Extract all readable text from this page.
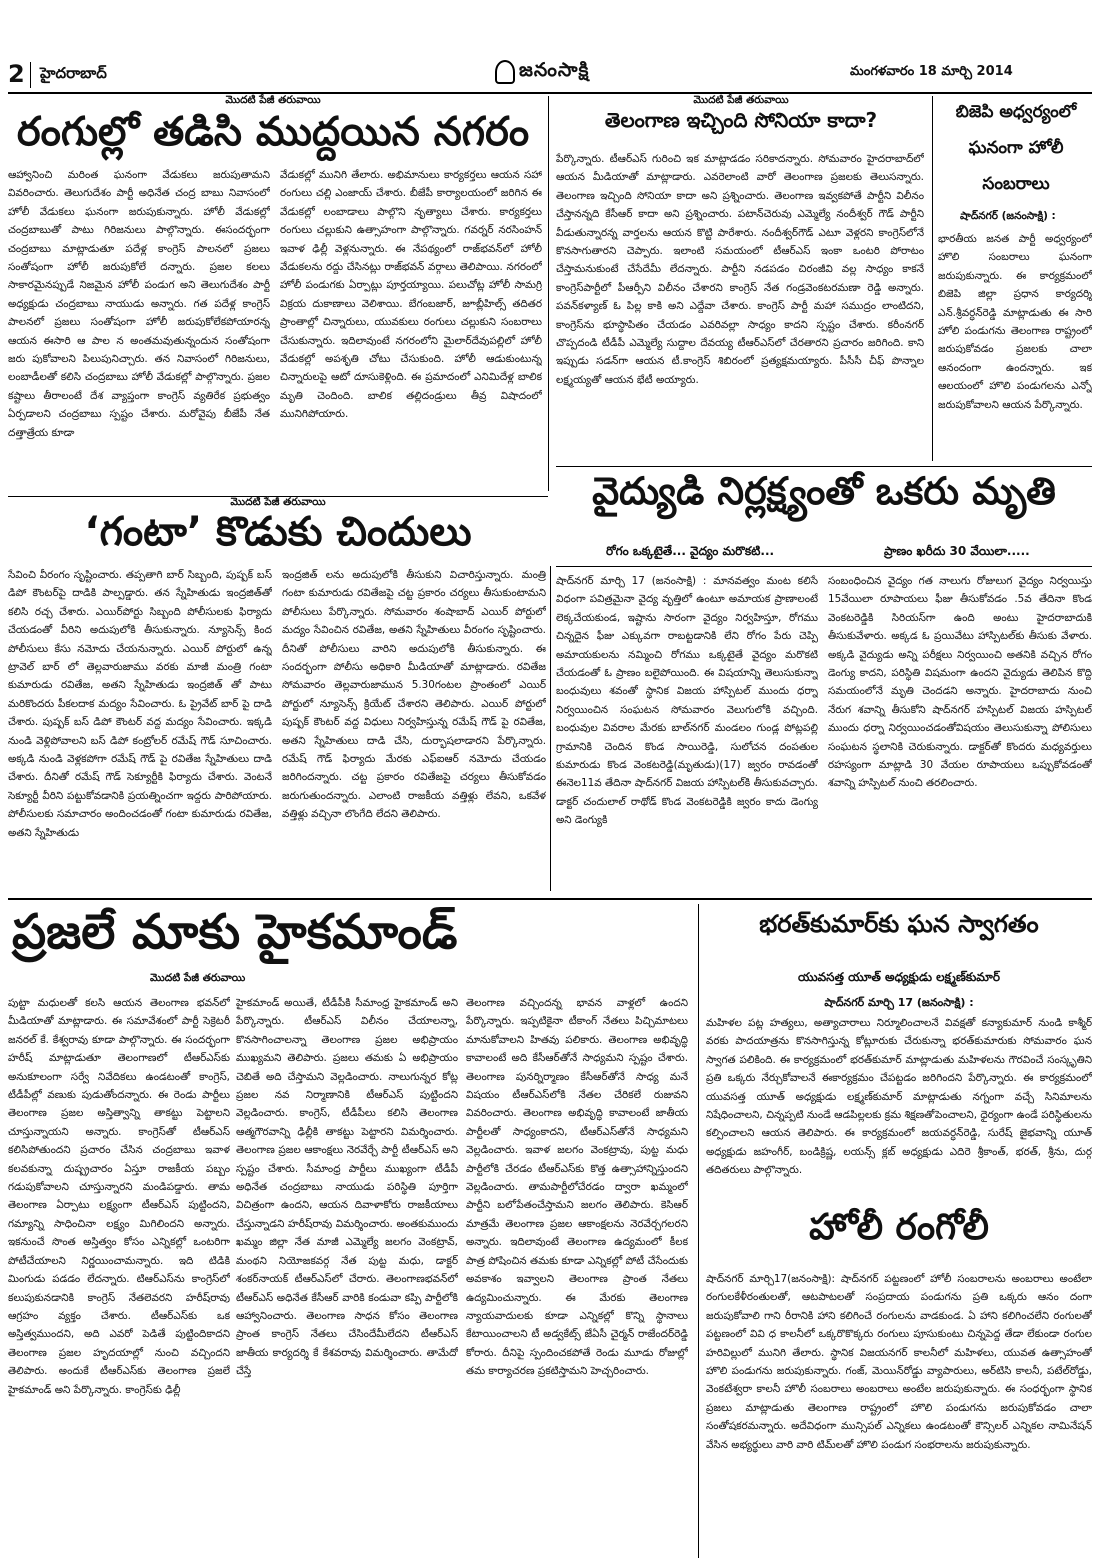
2 హైదరాబాద్	జనంసాక్షి	మంగళవారం 18 మార్చి 2014
మొదటి పేజీ తరువాయి
రంగుల్లో తడిసి ముద్దయిన నగరం
ఆహ్వానించి మరింత ఘనంగా వేడుకలు జరుపుతామని వివరించారు. తెలుగుదేశం పార్టీ అధినేత చంద్ర బాబు నివాసంలో హోలీ వేడుకలు ఘనంగా జరుపుకున్నారు. హోలీ వేడుకల్లో చంద్రబాబుతో పాటు గిరిజనులు పాల్గొన్నారు. ఈసందర్భంగా చంద్రబాబు మాట్లాడుతూ పదేళ్ల కాంగ్రెస్ పాలనలో ప్రజలు సంతోషంగా హోలీ జరుపుకోలే దన్నారు. ప్రజల కలలు సాకారమైనప్పుడే నిజమైన హోలీ పండుగ అని తెలుగుదేశం పార్టీ అధ్యక్షుడు చంద్రబాబు నాయుడు అన్నారు. గత పదేళ్ల కాంగ్రెస్ పాలనలో ప్రజలు సంతోషంగా హోలీ జరుపుకోలేకపోయారన్న ఆయన ఈసారి ఆ పాల న అంతమవుతున్నందున సంతోషంగా జరు పుకోవాలని పిలుపునిచ్చారు. తన నివాసంలో గిరిజనులు, లంబాడీలతో కలిసి చంద్రబాబు హోలీ వేడుకల్లో పాల్గొన్నారు. ప్రజల కష్టాలు తీరాలంటే దేశ వ్యాప్తంగా కాంగ్రెస్ వ్యతిరేక ప్రభుత్వం ఏర్పడాలని చంద్రబాబు స్పష్టం చేశారు. మరోవైపు బీజేపీ నేత దత్తాత్రేయ కూడా
వేడుకల్లో మునిగి తేలారు. అభిమానులు కార్యకర్తలు ఆయన సహా రంగులు చల్లి ఎంజాయ్ చేశారు. బీజేపీ కార్యాలయంలో జరిగిన ఈ వేడుకల్లో లంబాడాలు పాల్గొని నృత్యాలు చేశారు. కార్యకర్తలు రంగులు చల్లుకుని ఉత్సాహంగా పాల్గొన్నారు. గవర్నర్ నరసింహన్ ఇవాళ ఢిల్లీ వెళ్లనున్నారు. ఈ నేపథ్యంలో రాజ్‌భవన్‌లో హోలీ వేడుకలను రద్దు చేసినట్లు రాజ్‌భవన్ వర్గాలు తెలిపాయి. నగరంలో హోలీ పండుగకు ఏర్పాట్లు పూర్తయ్యాయి. పలుచోట్ల హోలీ సామగ్రి విక్రయ దుకాణాలు వెలిశాయి. బేగంబజార్, జూబ్లీహిల్స్ తదితర ప్రాంతాల్లో చిన్నారులు, యువకులు రంగులు చల్లుకుని సంబరాలు చేసుకున్నారు. ఇదిలావుంటే నగరంలోని మైలార్‌దేవుపల్లిలో హోలీ వేడుకల్లో అపశృతి చోటు చేసుకుంది. హోలీ ఆడుకుంటున్న చిన్నారులపై ఆటో దూసుకెళ్లింది. ఈ ప్రమాదంలో ఎనిమిదేళ్ల బాలిక మృతి చెందింది. బాలిక తల్లిదండ్రులు తీవ్ర విషాదంలో మునిగిపోయారు.
మొదటి పేజీ తరువాయి
తెలంగాణ ఇచ్చింది సోనియా కాదా?
పేర్కొన్నారు. టీఆర్ఎస్ గురించి ఇక మాట్లాడడం సరికాదన్నారు. సోమవారం హైదరాబాద్‌లో ఆయన మీడియాతో మాట్లాడారు. ఎవరెలాంటి వారో తెలంగాణ ప్రజలకు తెలుసన్నారు. తెలంగాణ ఇచ్చింది సోనియా కాదా అని ప్రశ్నించారు. తెలంగాణ ఇవ్వకపోతే పార్టీని విలీనం చేస్తానన్నది కేసీఆర్ కాదా అని ప్రశ్నించారు. పటాన్‌చెరువు ఎమ్మెల్యే నందీశ్వర్ గౌడ్ పార్టీని వీడుతున్నారన్న వార్తలను ఆయన కొట్టి పారేశారు. నందీశ్వర్‌గౌడ్ ఎటూ వెళ్లరని కాంగ్రెస్‌లోనే కొనసాగుతారని చెప్పారు. ఇలాంటి సమయంలో టీఆర్ఎస్ ఇంకా ఒంటరి పోరాటం చేస్తామనుకుంటే చేసేదేమీ లేదన్నారు. పార్టీని నడపడం చిరంజీవి వల్ల సాధ్యం కాకనే కాంగ్రెస్‌పార్టీలో పీఆర్పీని విలీనం చేశారని కాంగ్రెస్ నేత గండ్రవెంకటరమణా రెడ్డి అన్నారు. పవన్‌కళ్యాణ్ ఓ పిల్ల కాకి అని ఎద్దేవా చేశారు. కాంగ్రెస్ పార్టీ మహా సముద్రం లాంటిదని, కాంగ్రెస్‌ను భూస్థాపితం చేయడం ఎవరివల్లా సాధ్యం కాదని స్పష్టం చేశారు. కరీంనగర్ చొప్పదండి టీడీపీ ఎమ్మెల్యే సుద్దాల దేవయ్య టీఆర్ఎస్‌లో చేరతారని ప్రచారం జరిగింది. కాని ఇప్పుడు సడన్‌గా ఆయన టీ.కాంగ్రెస్ శిబిరంలో ప్రత్యక్షమయ్యారు. పీసీసీ చీఫ్ పొన్నాల లక్ష్మయ్యతో ఆయన భేటీ అయ్యారు.
బిజెపి అధ్వర్యంలో
ఘనంగా హోలీ
సంబరాలు
షాద్‌నగర్ (జనంసాక్షి) :
భారతీయ జనత పార్టీ అధ్వర్యంలో హొలి సంబరాలు ఘనంగా జరుపుకున్నారు. ఈ కార్యక్రమంలో బిజెపి జిల్లా ప్రధాన కార్యదర్శి ఎన్.శ్రీవర్ధన్‌రెడ్డి మాట్లాడుతు ఈ సారి హోలి పండుగను తెలంగాణ రాష్ట్రంలో జరుపుకోవడం ప్రజలకు చాలా ఆనందంగా ఉందన్నారు. ఇక ఆలయంలో హొలి పండుగలను ఎన్నో జరుపుకోవాలని ఆయన పేర్కొన్నారు.
వైద్యుడి నిర్లక్ష్యంతో ఒకరు మృతి
రోగం ఒక్కటైతే... వైద్యం మరొకటి...	ప్రాణం ఖరీదు 30 వేయిలా.....
షాద్‌నగర్ మార్చి 17 (జనంసాక్షి) : మానవత్వం మంట కలిసే విధంగా పవిత్రమైనా వైద్య వృత్తిలో ఉంటూ అమాయక ప్రాణాలంటే లెక్కచేయకుండ, ఇష్టాను సారంగా వైద్యం నిర్వహిస్తూ, రోగము చిన్నదైన ఫీజు ఎక్కువగా రాబట్టడానికి లేని రోగం పేరు చెప్పి అమాయకులను నమ్మించి రోగము ఒక్కటైతే వైద్యం మరొకటి చేయడంతో ఓ ప్రాణం బలైపోయింది. ఈ విషయాన్ని తెలుసుకున్నా బంధువులు శవంతో స్థానిక విజయ హాస్పిటల్ ముందు ధర్నా నిర్వయించిన సంఘటన సోమవారం వెలుగులోకి వచ్చింది. బంధువుల వివరాల మేరకు బాల్‌నగర్ మండలం గుండ్ల పోట్లపల్లి గ్రామానికి చెందిన కొండ సాయిరెడ్డి, సులోచన దంపతుల కుమారుడు కొండ వెంకటరెడ్డి(మృతుడు)(17) జ్వరం రావడంతో ఈనెల11వ తేదినా షాద్‌నగర్ విజయ హాస్పిటల్‌కి తీసుకువచ్చారు. డాక్టర్ చందులాల్ రాథోడ్ కొండ వెంకటరెడ్డికి జ్వరం కాదు డెంగ్యు అని డెంగ్యుకి
సంబంధించిన వైద్యం గత నాలుగు రోజులుగ వైద్యం నిర్వయిస్తు 15వేయిలా రూపాయలు ఫీజు తీసుకోవడం .5వ తేదినా కొండ వెంకటరెడ్డికి సిరియస్‌గా ఉంది అంటు హైదరాబాదుకి తీసుకువేళారు. అక్కడ ఓ ప్రయివేటు హాస్పిటల్‌కు తీసుకు వేళారు. అక్కడి వైద్యుడు అన్ని పరీక్షలు నిర్వయించి అతనికి వచ్చిన రోగం డెంగ్యు కాదని, పరిస్థితి విషమంగా ఉందని వైద్యుడు తెలిపిన కొద్ది సమయంలోనే మృతి చెందడని అన్నారు. హైదరాబాదు నుంచి నేరుగ శవాన్ని తీసుకోని షాద్‌నగర్ హస్పిటల్ విజయ హస్పిటల్ ముందు ధర్నా నిర్వయించడంతోవిషయం తెలుసుకున్నా పోలిసులు సంఘటన స్థలానికి చెరుకున్నారు. డాక్టర్‌తో కొందరు మధ్యవర్తులు రహస్యంగా మాట్లాడి 30 వేయల రూపాయలు ఒప్పుకోవడంతో శవాన్ని హస్పిటల్ నుంచి తరలించారు.
మొదటి పేజీ తరువాయి
‘గంటా’ కొడుకు చిందులు
సేవించి వీరంగం సృష్టించారు. తప్పతాగి బార్ సిబ్బంది, పుష్పక్ బస్ డిపో కౌంటర్‌పై దాడికి పాల్పడ్డారు. తన స్నేహితుడు ఇంద్రజిత్‌తో కలిసి రచ్చ చేశారు. ఎయిర్‌పోర్టు సిబ్బంది పోలీసులకు ఫిర్యాదు చేయడంతో వీరిని అదుపులోకి తీసుకున్నారు. న్యూసెన్స్ కింద పోలీసులు కేసు నమోదు చేయనున్నారు. ఎయిర్ పోర్టులో ఉన్న ట్రావెల్ బార్ లో తెల్లవారుజాము వరకు మాజీ మంత్రి గంటా కుమారుడు రవితేజ, అతని స్నేహితుడు ఇంద్రజిత్ తో పాటు మరికొందరు పీకలదాక మద్యం సేవించారు. ఓ ప్రైవేట్ బార్ పై దాడి చేశారు. పుష్పక్ బస్ డిపో కౌంటర్ వద్ద మద్యం సేవించారు. ఇక్కడి నుండి వెళ్లిపోవాలని బస్ డిపో కంట్రోలర్ రమేష్ గౌడ్ సూచించారు. అక్కడి నుండి వెళ్లకపోగా రమేష్ గౌడ్ పై రవితేజ స్నేహితులు దాడి చేశారు. దీనితో రమేష్ గౌడ్ సెక్యూర్టీకి ఫిర్యాదు చేశారు. వెంటనే సెక్యూర్టీ వీరిని పట్టుకోవడానికి ప్రయత్నించగా ఇద్దరు పారిపోయారు. పోలీసులకు సమాచారం అందించడంతో గంటా కుమారుడు రవితేజ, అతని స్నేహితుడు
ఇంద్రజిత్ లను అదుపులోకి తీసుకుని విచారిస్తున్నారు. మంత్రి గంటా కుమారుడు రవితేజపై చట్ట ప్రకారం చర్యలు తీసుకుంటామని పోలీసులు పేర్కొన్నారు. సోమవారం శంషాబాద్ ఎయిర్ పోర్టులో మద్యం సేవించిన రవితేజ, అతని స్నేహితులు వీరంగం సృష్టించారు. దీనితో పోలీసులు వారిని అదుపులోకి తీసుకున్నారు. ఈ సందర్భంగా పోలీసు అధికారి మీడియాతో మాట్లాడారు. రవితేజ సోమవారం తెల్లవారుజామున 5.30గంటల ప్రాంతంలో ఎయిర్ పోర్టులో న్యూసెన్స్ క్రియేట్ చేశారని తెలిపారు. ఎయిర్ పోర్టులో పుష్పక్ కౌంటర్ వద్ద విధులు నిర్వహిస్తున్న రమేష్ గౌడ్ పై రవితేజ, అతని స్నేహితులు దాడి చేసి, దుర్భాషలాడారని పేర్కొన్నారు. రమేష్ గౌడ్ ఫిర్యాదు మేరకు ఎఫ్ఐఆర్ నమోదు చేయడం జరిగిందన్నారు. చట్ట ప్రకారం రవితేజపై చర్యలు తీసుకోవడం జరుగుతుందన్నారు. ఎలాంటి రాజకీయ వత్తిళ్లు లేవని, ఒకవేళ వత్తిళ్లు వచ్చినా లొంగేది లేదని తెలిపారు.
ప్రజలే మాకు హైకమాండ్
మొదటి పేజీ తరువాయి
పుట్టా మధులతో కలసి ఆయన తెలంగాణ భవన్‌లో మీడియాతో మాట్లాడారు. ఈ సమావేశంలో పార్టీ సెక్రెటరీ జనరల్ కే. కేశ్వరావు కూడా పాల్గొన్నారు. ఈ సందర్భంగా హరీష్ మాట్లాడుతూ తెలంగాణలో టీఆర్ఎస్‌కు అనుకూలంగా సర్వే నివేదికలు ఉండటంతో కాంగ్రెస్, టీడీపీల్లో వణుకు పుడుతోందన్నారు. ఈ రెండు పార్టీలు తెలంగాణ ప్రజల అస్తిత్వాన్ని తాకట్టు పెట్టాలని చూస్తున్నాయని అన్నారు. కాంగ్రెస్‌తో టీఆర్ఎస్ కలిసిపోతుందని ప్రచారం చేసిన చంద్రబాబు ఇవాళ కలవకున్నా దుష్ప్రచారం ఏస్తూ రాజకీయ పబ్బం గడుపుకోవాలని చూస్తున్నారని మండిపడ్డారు. తామ తెలంగాణ ఏర్పాటు లక్ష్యంగా టీఆర్ఎస్ పుట్టిందని, గమ్యాన్ని సాధించినా లక్ష్యం మిగిలిందని అన్నారు. ఇకనుంచే సొంత అస్తిత్వం కోసం ఎన్నికల్లో ఒంటరిగా పోటీచేయాలని నిర్ణయించామన్నారు. ఇది టిడికి మింగుడు పడడం లేదన్నారు. టిఆర్ఎస్‌ను కాంగ్రెస్‌లో కలుపుకునడానికి కాంగ్రెస్ నేతలెవరని హరీష్‌రావు ఆగ్రహం వ్యక్తం చేశారు. టీఆర్ఎస్‌కు ఒక అస్తిత్వముందని, అది ఎవరో పెడితే పుట్టిందికాదని తెలంగాణ ప్రజల హృదయాల్లో నుంచి వచ్చిందని తెలిపారు. అందుకే టీఆర్ఎస్‌కు తెలంగాణ ప్రజలే హైకమాండ్ అని పేర్కొన్నారు. కాంగ్రెస్‌కు ఢిల్లీ
హైకమాండ్ అయితే, టీడీపీకి సీమాంధ్ర హైకమాండ్ అని పేర్కొన్నారు. టీఆర్ఎస్ విలీనం చేయాలన్నా, కొనసాగించాలన్నా తెలంగాణ ప్రజల అభిప్రాయం ముఖ్యమని తెలిపారు. ప్రజలు తమకు ఏ అభిప్రాయం చెబితే అది చేస్తామని వెల్లడించారు. నాలుగున్నర కోట్ల ప్రజల నవ నిర్మాణానికి టీఆర్ఎస్ పుట్టిందని వెల్లడించారు. కాంగ్రెస్, టీడీపీలు కలిసి తెలంగాణ ఆత్మగౌరవాన్ని ఢిల్లీకి తాకట్టు పెట్టారని విమర్శించారు. తెలంగాణ ప్రజల ఆకాంక్షలు నెరవేర్చే పార్టీ టీఆర్ఎస్ అని స్పష్టం చేశారు. సీమాంధ్ర పార్టీలు ముఖ్యంగా టీడీపీ అధినేత చంద్రబాబు నాయుడు పరిస్థితి పూర్తిగా విచిత్రంగా ఉందని, ఆయన దివాళాకోరు రాజకీయాలు చేస్తున్నాడని హరీష్‌రావు విమర్శించారు. అంతకుముందు ఖమ్మం జిల్లా నేత మాజీ ఎమ్మెల్యే జలగం వెంకట్రావ్, మంథని నియోజకవర్గ నేత పుట్ట మధు, డాక్టర్ శంకర్‌నాయక్ టీఆర్ఎస్‌లో చేరారు. తెలంగాణభవన్‌లో టీఆర్ఎస్ అధినేత కేసీఆర్ వారికి కండువా కప్పి పార్టీలోకి ఆహ్వానించారు. తెలంగాణ సాధన కోసం తెలంగాణ ప్రాంత కాంగ్రెస్ నేతలు చేసిందేమీలేదని టీఆర్ఎస్ జాతీయ కార్యదర్శి కే కేశవరావు విమర్శించారు. తామేదో చేస్తే
తెలంగాణ వచ్చిందన్న భావన వాళ్లలో ఉందని పేర్కొన్నారు. ఇప్పటికైనా టీకాంగ్ నేతలు పిచ్చిమాటలు మానుకోవాలని హితవు పలికారు. తెలంగాణ అభివృద్ధి కావాలంటే అది కేసీఆర్‌తోనే సాధ్యమని స్పష్టం చేశారు. తెలంగాణ పునర్నిర్మాణం కేసీఆర్‌తోనే సాధ్య మనే విషయం టీఆర్ఎస్‌లోకి నేతల చేరికలే రుజువని వివరించారు. తెలంగాణ అభివృద్ధి కావాలంటే జాతీయ పార్టీలతో సాధ్యంకాదని, టీఆర్ఎస్‌తోనే సాధ్యమని వెల్లడించారు. ఇవాళ జలగం వెంకట్రావు, పుట్ట మధు పార్టీలోకి చేరడం టీఆర్ఎస్‌కు కొత్త ఉత్సాహాన్నిస్తుందని వెల్లడించారు. తామపార్టీలోచేరడం ద్వారా ఖమ్మంలో పార్టీని బలోపేతంచేస్తామని జలగం తెలిపారు. కెసిఆర్ మాత్రమే తెలంగాణ ప్రజల ఆకాంక్షలను నెరవేర్చగలరని అన్నారు. ఇదిలావుంటే తెలంగాణ ఉద్యమంలో కీలక పాత్ర పోషించిన తమకు కూడా ఎన్నికల్లో పోటీ చేసేందుకు అవకాశం ఇవ్వాలని తెలంగాణ ప్రాంత నేతలు ఉద్యమించున్నారు. ఈ మేరకు తెలంగాణ న్యాయవాదులకు కూడా ఎన్నికల్లో కొన్ని స్థానాలు కేటాయించాలని టీ అడ్వకేట్స్ జేఏసీ చైర్మన్ రాజేందర్‌రెడ్డి కోరారు. దీనిపై స్పందించకపోతే రెండు మూడు రోజుల్లో తమ కార్యాచరణ ప్రకటిస్తామని హెచ్చరించారు.
భరత్‌కుమార్‌కు ఘన స్వాగతం
యువసత్త యూత్ అధ్యక్షుడు లక్ష్మణ్‌కుమార్
షాద్‌నగర్ మార్చి 17 (జనంసాక్షి) :
మహిళల పట్ల హత్యలు, అత్యాచారాలు నిర్మూలించాలనే వివక్షతో కన్యాకుమార్ నుండి కాశ్మీర్ వరకు పాదయాత్రను కొనసాగిస్తున్న కోట్లూరుకు చేరుకున్నా భరత్‌కుమారుకు సోమవారం ఘన స్వాగత పలికింది. ఈ కార్యక్రమంలో భరత్‌కుమార్ మాట్లాడుతు మహిళలను గౌరవించే సంస్కృతిని ప్రతి ఒక్కరు నేర్చుకోవాలనే ఈకార్యక్రమం చేపట్టడం జరిగిందని పేర్కొన్నారు. ఈ కార్యక్రమంలో యువసత్త యూత్ అధ్యక్షుడు లక్ష్మణ్‌కుమార్ మాట్లాడుతు నగ్నంగా వచ్చే సినిమాలను నిషేధించాలని, చిన్నప్పటి నుండే ఆడపిల్లలకు క్రమ శిక్షణతోపెంచాలని, ధైర్యంగా ఉండే పరిస్థితులను కల్పించాలని ఆయన తెలిపారు. ఈ కార్యక్రమంలో జయవర్ధన్‌రెడ్డి, సురేష్ జైభవాన్ని యూత్ అధ్యక్షుడు జహంగీర్, బండిక్రిష్ణ, లయన్స్ క్లబ్ అధ్యక్షుడు ఎదిరె శ్రీకాంత్, భరత్, శ్రీను, దుర్గ తదితరులు పాల్గొన్నారు.
హోలీ రంగోలీ
షాద్‌నగర్ మార్చి17(జనంసాక్షి): షాద్‌నగర్ పట్టణంలో హోలీ సంబరాలను అంబరాలు అంటేలా రంగులకేళీరంతులతో, ఆటపాటలతో సంప్రదాయ పండుగను ప్రతి ఒక్కరు ఆనం దంగా జరుపుకోవాలి గాని రీరానికి హాని కలిగించే రంగులను వాడకుండ. ఏ హాని కలిగించలేని రంగులతో పట్టణంలో వివి ధ కాలనీలో ఒక్కరొకొక్కరు రంగులు పూసుకుంటు చిన్నపెద్ద తేడా లేకుండా రంగుల హరివిల్లులో మునిగి తేలారు. స్థానిక విజయనగర్ కాలనీలో మహిళలు, యువత ఉత్సాహంతో హొలి పండుగను జరుపుకున్నారు. గంజ్, మెయిన్‌రోడ్డు వ్యాపారులు, అర్‌టిసి కాలనీ, పటేల్‌రోడ్డు, వెంకటేశ్వరా కాలనీ హొలీ సంబరాలు అంబరాలు అంటేల జరుపుకున్నారు. ఈ సంధర్భంగా స్థానిక ప్రజలు మాట్లాడుతు తెలంగాణ రాష్ట్రంలో హొలి పండుగను జరుపుకోవడం చాలా సంతోషకరమన్నారు. అదేవిధంగా మున్సిపల్ ఎన్నికలు ఉండటంతో కౌన్సిలర్ ఎన్నికల నామినేషన్ వేసిన అభ్యర్థులు వారి వారి టిమ్‌లతో హొలి పండుగ సంభరాలను జరుపుకున్నారు.
